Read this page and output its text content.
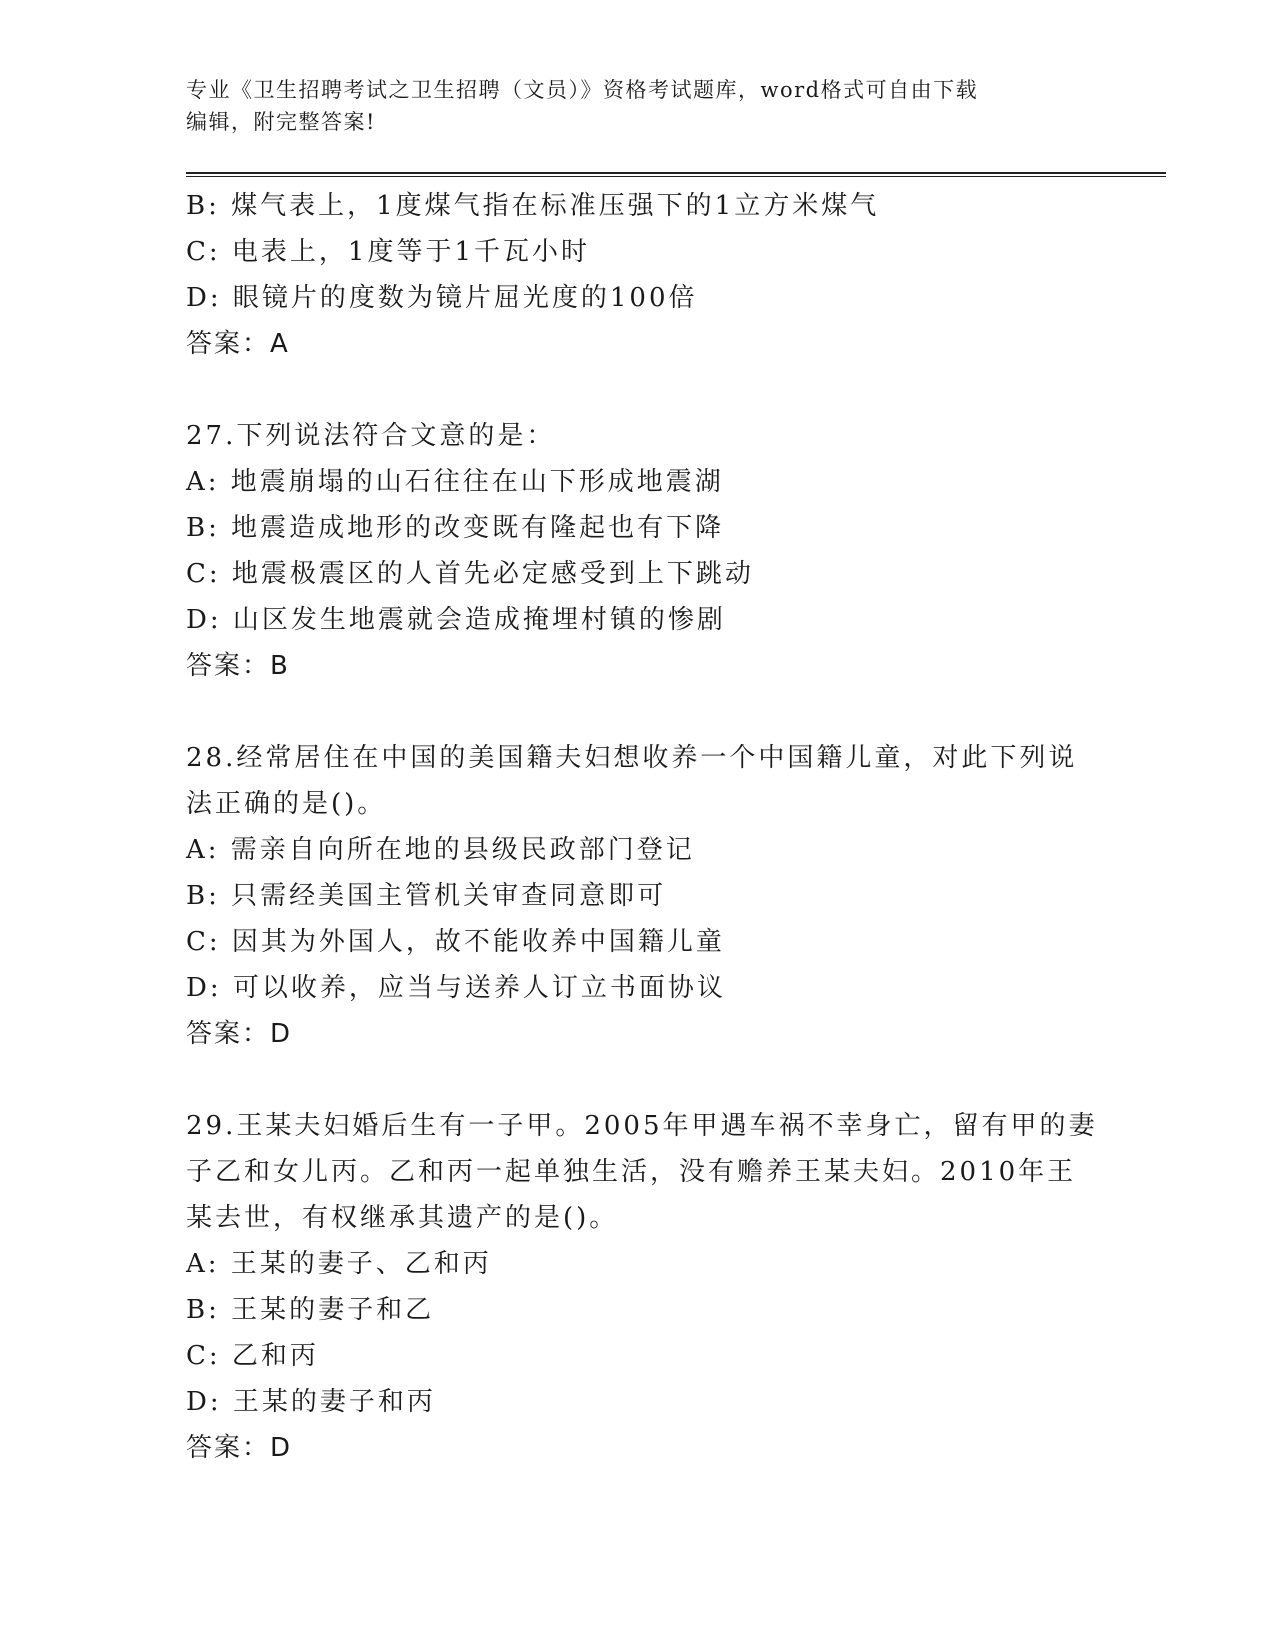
专业《卫生招聘考试之卫生招聘（文员）》资格考试题库，word格式可自由下载
编辑，附完整答案!
B: 煤气表上，1度煤气指在标准压强下的1立方米煤气
C: 电表上，1度等于1千瓦小时
D: 眼镜片的度数为镜片屈光度的100倍
答案：A
27.下列说法符合文意的是：
A: 地震崩塌的山石往往在山下形成地震湖
B: 地震造成地形的改变既有隆起也有下降
C: 地震极震区的人首先必定感受到上下跳动
D: 山区发生地震就会造成掩埋村镇的惨剧
答案：B
28.经常居住在中国的美国籍夫妇想收养一个中国籍儿童，对此下列说
法正确的是()。
A: 需亲自向所在地的县级民政部门登记
B: 只需经美国主管机关审查同意即可
C: 因其为外国人，故不能收养中国籍儿童
D: 可以收养，应当与送养人订立书面协议
答案：D
29.王某夫妇婚后生有一子甲。2005年甲遇车祸不幸身亡，留有甲的妻
子乙和女儿丙。乙和丙一起单独生活，没有赡养王某夫妇。2010年王
某去世，有权继承其遗产的是()。
A: 王某的妻子、乙和丙
B: 王某的妻子和乙
C: 乙和丙
D: 王某的妻子和丙
答案：D
